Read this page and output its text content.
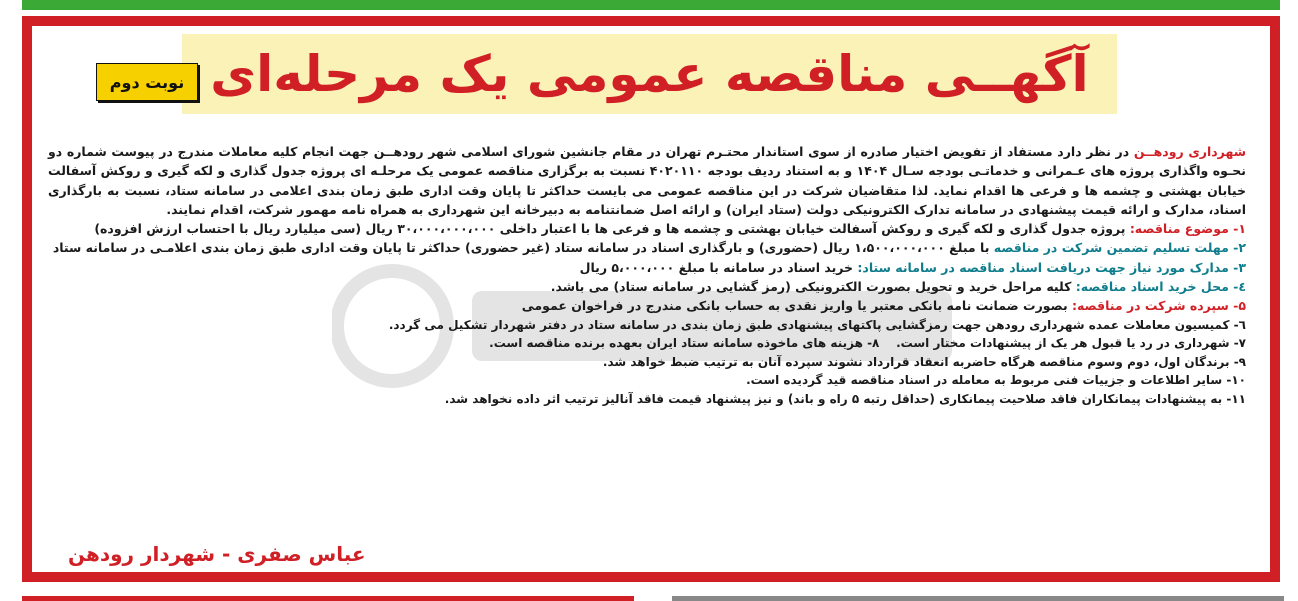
آگهــی مناقصه عمومی یک مرحله‌ای
نوبت دوم

شهرداری رودهــن در نظر دارد مستفاد از تفویض اختیار صادره از سوی استاندار محتـرم تهران در مقام جانشین شورای اسلامی شهر رودهــن جهت انجام کلیه معاملات مندرج در پیوست شماره دو نحـوه واگذاری پروژه های عـمرانی و خدماتـی بودجه سـال ۱۴۰۴ و به استناد ردیف بودجه ۴۰۲۰۱۱۰ نسبت به برگزاری مناقصه عمومی یک مرحلـه ای پروژه جدول گذاری و لکه گیری و روکش آسفالت خیابان بهشتی و چشمه ها و فرعی ها اقدام نماید. لذا متقاضیان شرکت در این مناقصه عمومی می بایست حداکثر تا پایان وقت اداری طبق زمان بندی اعلامی در سامانه ستاد، نسبت به بارگذاری اسناد، مدارک و ارائه قیمت پیشنهادی در سامانه تدارک الکترونیکی دولت (ستاد ایران) و ارائه اصل ضمانتنامه به دبیرخانه این شهرداری به همراه نامه مهمور شرکت، اقدام نمایند.

۱- موضوع مناقصه: پروژه جدول گذاری و لکه گیری و روکش آسفالت خیابان بهشتی و چشمه ها و فرعی ها با اعتبار داخلی ۳۰،۰۰۰،۰۰۰،۰۰۰ ریال (سی میلیارد ریال با احتساب ارزش افزوده)

۲- مهلت تسلیم تضمین شرکت در مناقصه با مبلغ ۱،۵۰۰،۰۰۰،۰۰۰ ریال (حضوری) و بارگذاری اسناد در سامانه ستاد (غیر حضوری) حداکثر تا پایان وقت اداری طبق زمان بندی اعلامـی در سامانه ستاد

۳- مدارک مورد نیاز جهت دریافت اسناد مناقصه در سامانه ستاد: خرید اسناد در سامانه با مبلغ ۵،۰۰۰،۰۰۰ ریال

٤- محل خرید اسناد مناقصه: کلیه مراحل خرید و تحویل بصورت الکترونیکی (رمز گشایی در سامانه ستاد) می باشد.

۵- سپرده شرکت در مناقصه: بصورت ضمانت نامه بانکی معتبر یا واریز نقدی به حساب بانکی مندرج در فراخوان عمومی

٦- کمیسیون معاملات عمده شهرداری رودهن جهت رمزگشایی پاکتهای پیشنهادی طبق زمان بندی در سامانه ستاد در دفتر شهردار تشکیل می گردد.

۷- شهرداری در رد یا قبول هر یک از پیشنهادات مختار است.    ۸- هزینه های ماخوذه سامانه ستاد ایران بعهده برنده مناقصه است.

۹- برندگان اول، دوم وسوم مناقصه هرگاه حاضربه انعقاد قرارداد نشوند سپرده آنان به ترتیب ضبط خواهد شد.

۱۰- سایر اطلاعات و جزییات فنی مربوط به معامله در اسناد مناقصه قید گردیده است.

۱۱- به پیشنهادات پیمانکاران فاقد صلاحیت پیمانکاری (حداقل رتبه ۵ راه و باند) و نیز پیشنهاد قیمت فاقد آنالیز ترتیب اثر داده نخواهد شد.

عباس صفری - شهردار رودهن
